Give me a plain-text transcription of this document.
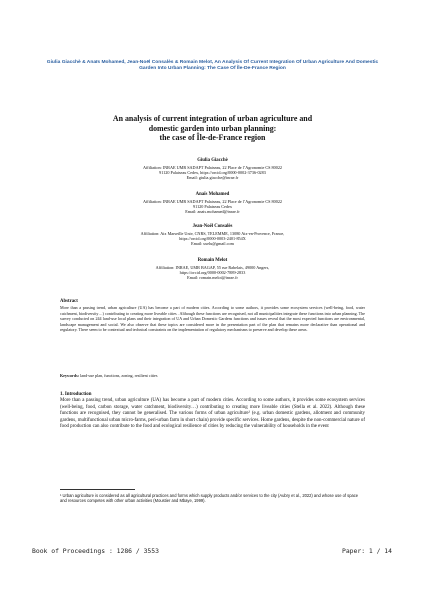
Giulia Giacchè & Anaïs Mohamed, Jean-Noël Consalès & Romain Melot, An Analysis Of Current Integration Of Urban Agriculture And Domestic Garden Into Urban Planning: The Case Of Île-De-France Region
An analysis of current integration of urban agriculture and
domestic garden into urban planning:
the case of Île-de-France region
Giulia Giacchè
Affiliation: INRAE UMR SADAPT Palaiseau, 22 Place de l’Agronomie CS 80022
91120 Palaiseau Cedex, https://orcid.org/0000-0002-3736-0283
Email: giulia.giacche@inrae.fr
Anaïs Mohamed
Affiliation: INRAE UMR SADAPT Palaiseau, 22 Place de l’Agronomie CS 80022
91120 Palaiseau Cedex
Email: anais.mohamed@inrae.fr
Jean-Noël Consalès
Affiliation: Aix Marseille Univ, CNRS, TELEMME, 13080 Aix-en-Provence, France,
https://orcid.org/0000-0003-2401-854X
Email: uselu@gmail.com
Romain Melot
Affiliation: INRAE, UMR BAGAP, 55 rue Rabelais, 49000 Angers,
https://orcid.org/0000-0002-7889-2833
Email: romain.melot@inrae.fr
Abstract
More than a passing trend, urban agriculture (UA) has become a part of modern cities. According to some authors, it provides some ecosystem services (well-being, food, water catchment, biodiversity…) contributing to creating more liveable cities . Although these functions are recognised, not all municipalities integrate these functions into urban planning. The survey conducted on 244 land-use local plans and their integration of UA and Urban Domestic Gardens functions and issues reveal that the most expected functions are environmental, landscape management and social. We also observe that these topics are considered more in the presentation part of the plan that remains more declarative than operational and regulatory. There seem to be contextual and technical constraints on the implementation of regulatory mechanisms to preserve and develop these areas.
Keywords: land-use plan, functions, zoning, resilient cities
1. Introduction
More than a passing trend, urban agriculture (UA) has become a part of modern cities. According to some authors, it provides some ecosystem services (well-being, food, carbon storage, water catchment, biodiversity…) contributing to creating more liveable cities (Stella et al. 2022). Although these functions are recognised, they cannot be generalised. The various forms of urban agriculture¹ (e.g. urban domestic gardens, allotment and community gardens, multifunctional urban micro-farms, peri-urban farm in short chain) provide specific services. Home gardens, despite the non-commercial nature of food production can also contribute to the food and ecological resilience of cities by reducing the vulnerability of households in the event
¹ Urban agriculture is considered as all agricultural practices and forms which supply products and/or services to the city (Aubry et al., 2022) and whose use of space and resources competes with other urban activities (Moustier and Mbaye, 1999).
Book of Proceedings : 1286 / 3553	Paper: 1 / 14
